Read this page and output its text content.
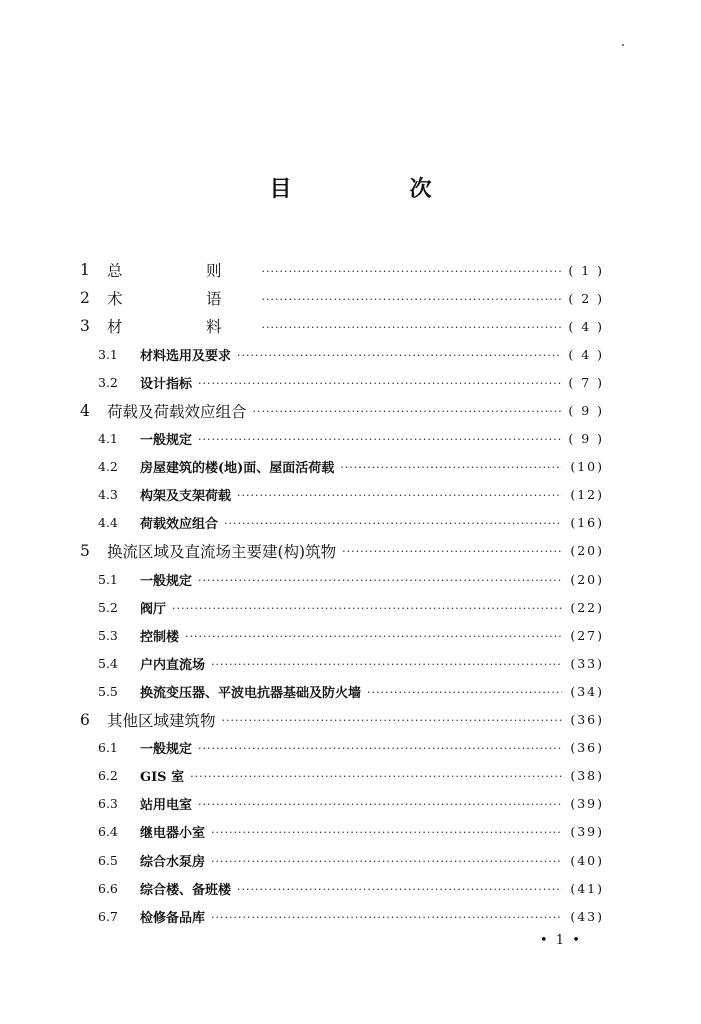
目　次
1	总　则 ·····	( 1 )
2	术　语 ·····	( 2 )
3	材　料 ·····	( 4 )
3.1	材料选用及要求 ·····	( 4 )
3.2	设计指标 ·····	( 7 )
4	荷载及荷载效应组合 ·····	( 9 )
4.1	一般规定 ·····	( 9 )
4.2	房屋建筑的楼(地)面、屋面活荷载 ·····	(10)
4.3	构架及支架荷载 ·····	(12)
4.4	荷载效应组合 ·····	(16)
5	换流区域及直流场主要建(构)筑物 ·····	(20)
5.1	一般规定 ·····	(20)
5.2	阀厅 ·····	(22)
5.3	控制楼 ·····	(27)
5.4	户内直流场 ·····	(33)
5.5	换流变压器、平波电抗器基础及防火墙 ·····	(34)
6	其他区域建筑物 ·····	(36)
6.1	一般规定 ·····	(36)
6.2	GIS 室 ·····	(38)
6.3	站用电室 ·····	(39)
6.4	继电器小室 ·····	(39)
6.5	综合水泵房 ·····	(40)
6.6	综合楼、备班楼 ·····	(41)
6.7	检修备品库 ·····	(43)
• 1 •
